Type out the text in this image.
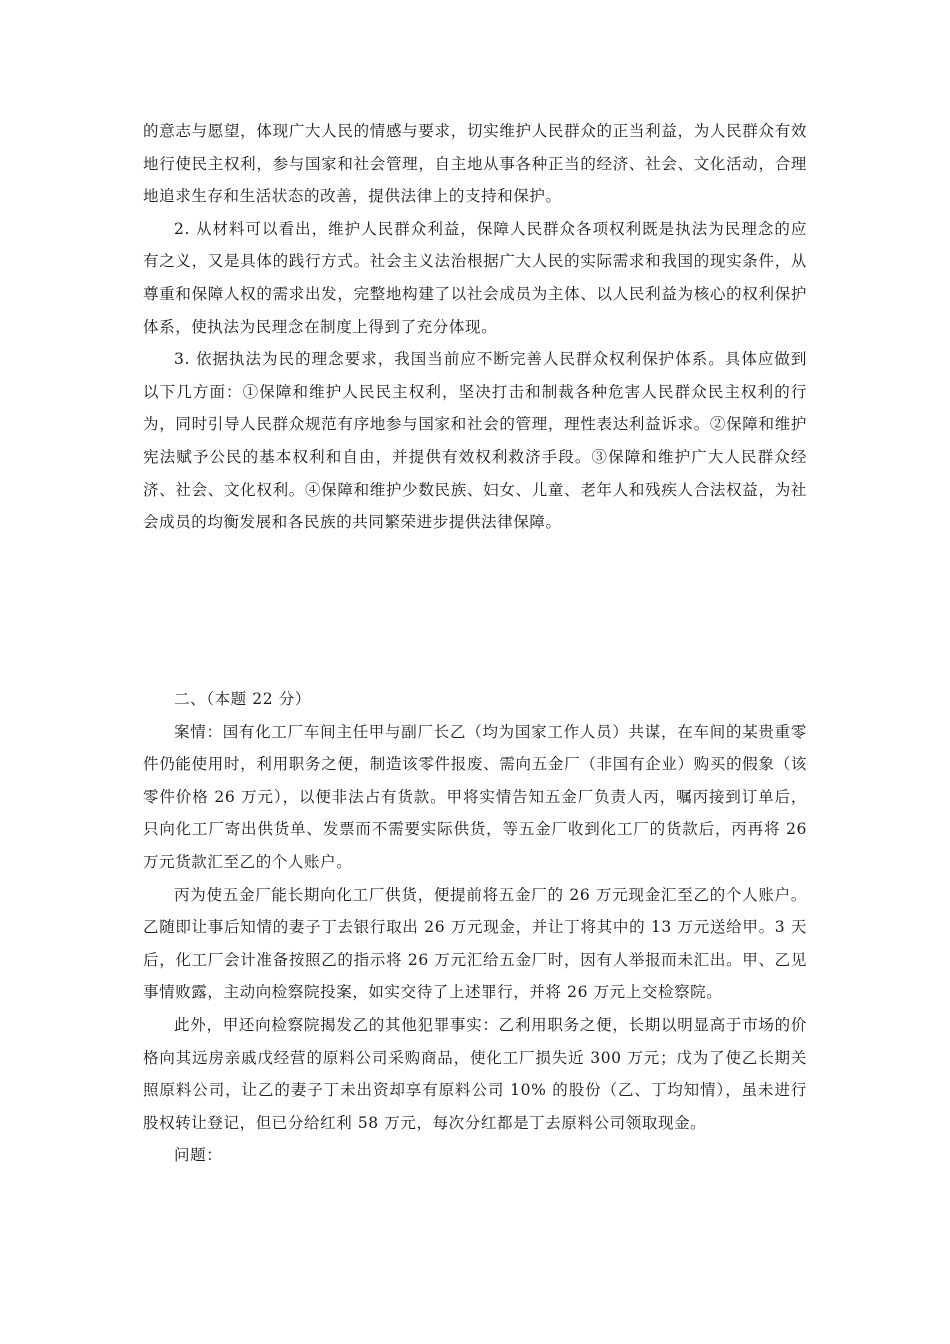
的意志与愿望，体现广大人民的情感与要求，切实维护人民群众的正当利益，为人民群众有效地行使民主权利，参与国家和社会管理，自主地从事各种正当的经济、社会、文化活动，合理地追求生存和生活状态的改善，提供法律上的支持和保护。

2. 从材料可以看出，维护人民群众利益，保障人民群众各项权利既是执法为民理念的应有之义，又是具体的践行方式。社会主义法治根据广大人民的实际需求和我国的现实条件，从尊重和保障人权的需求出发，完整地构建了以社会成员为主体、以人民利益为核心的权利保护体系，使执法为民理念在制度上得到了充分体现。

3. 依据执法为民的理念要求，我国当前应不断完善人民群众权利保护体系。具体应做到以下几方面：①保障和维护人民民主权利，坚决打击和制裁各种危害人民群众民主权利的行为，同时引导人民群众规范有序地参与国家和社会的管理，理性表达利益诉求。②保障和维护宪法赋予公民的基本权利和自由，并提供有效权利救济手段。③保障和维护广大人民群众经济、社会、文化权利。④保障和维护少数民族、妇女、儿童、老年人和残疾人合法权益，为社会成员的均衡发展和各民族的共同繁荣进步提供法律保障。

二、（本题 22 分）

案情：国有化工厂车间主任甲与副厂长乙（均为国家工作人员）共谋，在车间的某贵重零件仍能使用时，利用职务之便，制造该零件报废、需向五金厂（非国有企业）购买的假象（该零件价格 26 万元），以便非法占有货款。甲将实情告知五金厂负责人丙，嘱丙接到订单后，只向化工厂寄出供货单、发票而不需要实际供货，等五金厂收到化工厂的货款后，丙再将 26 万元货款汇至乙的个人账户。

丙为使五金厂能长期向化工厂供货，便提前将五金厂的 26 万元现金汇至乙的个人账户。乙随即让事后知情的妻子丁去银行取出 26 万元现金，并让丁将其中的 13 万元送给甲。3 天后，化工厂会计准备按照乙的指示将 26 万元汇给五金厂时，因有人举报而未汇出。甲、乙见事情败露，主动向检察院投案，如实交待了上述罪行，并将 26 万元上交检察院。

此外，甲还向检察院揭发乙的其他犯罪事实：乙利用职务之便，长期以明显高于市场的价格向其远房亲戚戊经营的原料公司采购商品，使化工厂损失近 300 万元；戊为了使乙长期关照原料公司，让乙的妻子丁未出资却享有原料公司 10% 的股份（乙、丁均知情），虽未进行股权转让登记，但已分给红利 58 万元，每次分红都是丁去原料公司领取现金。

问题：
